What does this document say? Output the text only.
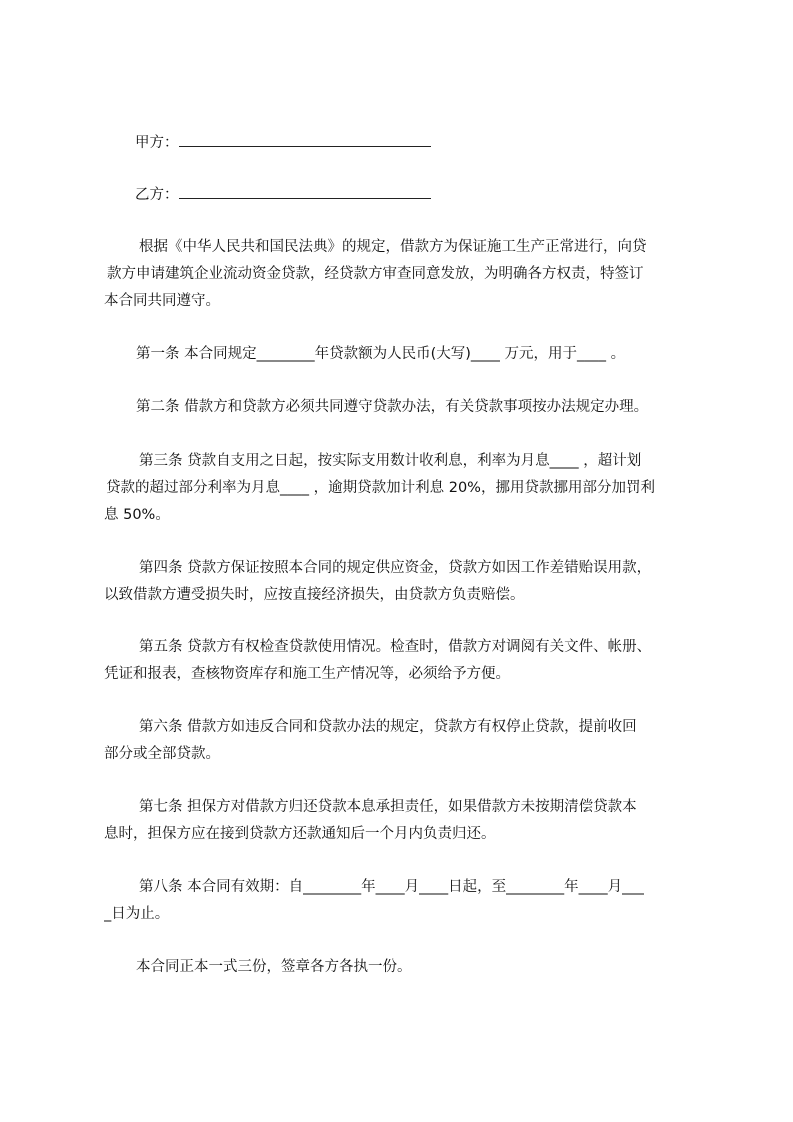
甲方：
乙方：
根据《中华人民共和国民法典》的规定，借款方为保证施工生产正常进行，向贷
款方申请建筑企业流动资金贷款，经贷款方审查同意发放，为明确各方权责，特签订
本合同共同遵守。
第一条 本合同规定________年贷款额为人民币(大写)____ 万元，用于____ 。
第二条 借款方和贷款方必须共同遵守贷款办法，有关贷款事项按办法规定办理。
第三条 贷款自支用之日起，按实际支用数计收利息，利率为月息____ ，超计划
贷款的超过部分利率为月息____ ，逾期贷款加计利息 20%，挪用贷款挪用部分加罚利
息 50%。
第四条 贷款方保证按照本合同的规定供应资金，贷款方如因工作差错贻误用款，
以致借款方遭受损失时，应按直接经济损失，由贷款方负责赔偿。
第五条 贷款方有权检查贷款使用情况。检查时，借款方对调阅有关文件、帐册、
凭证和报表，查核物资库存和施工生产情况等，必须给予方便。
第六条 借款方如违反合同和贷款办法的规定，贷款方有权停止贷款，提前收回
部分或全部贷款。
第七条 担保方对借款方归还贷款本息承担责任，如果借款方未按期清偿贷款本
息时，担保方应在接到贷款方还款通知后一个月内负责归还。
第八条 本合同有效期：自________年____月____日起，至________年____月___
_日为止。
本合同正本一式三份，签章各方各执一份。
